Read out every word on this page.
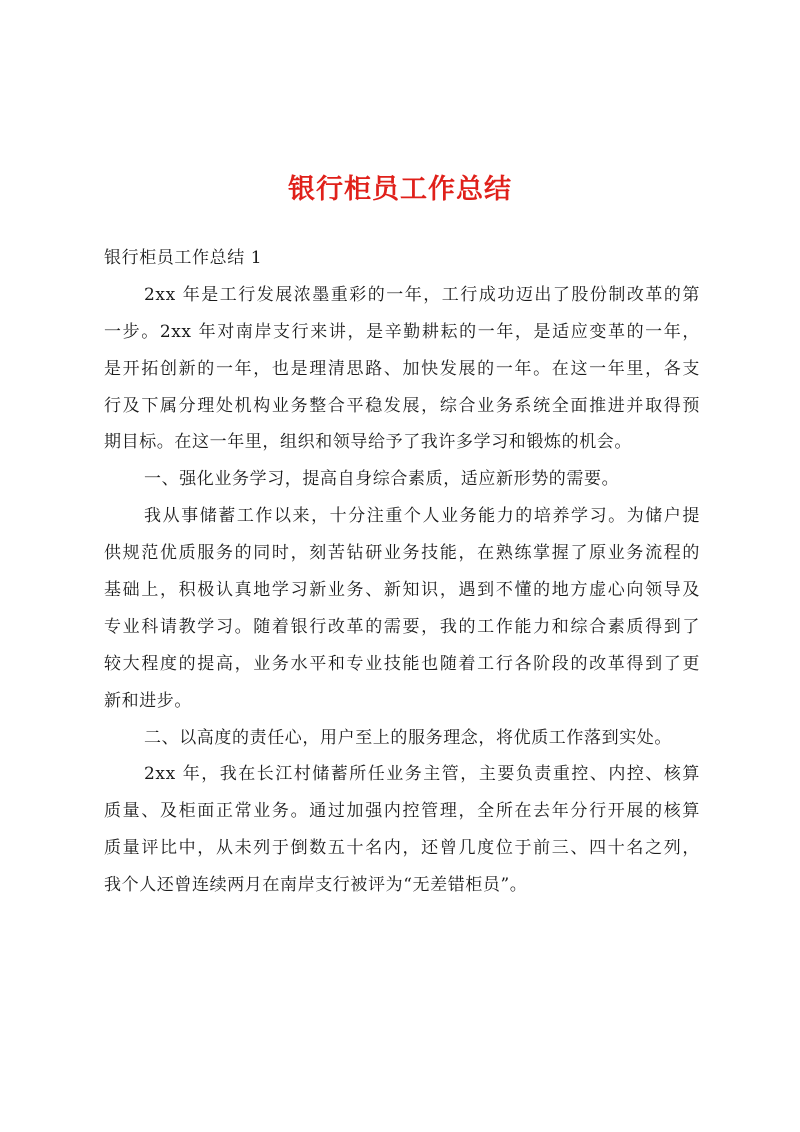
银行柜员工作总结
银行柜员工作总结 1
2xx 年是工行发展浓墨重彩的一年，工行成功迈出了股份制改革的第
一步。2xx 年对南岸支行来讲，是辛勤耕耘的一年，是适应变革的一年，
是开拓创新的一年，也是理清思路、加快发展的一年。在这一年里，各支
行及下属分理处机构业务整合平稳发展，综合业务系统全面推进并取得预
期目标。在这一年里，组织和领导给予了我许多学习和锻炼的机会。
一、强化业务学习，提高自身综合素质，适应新形势的需要。
我从事储蓄工作以来，十分注重个人业务能力的培养学习。为储户提
供规范优质服务的同时，刻苦钻研业务技能，在熟练掌握了原业务流程的
基础上，积极认真地学习新业务、新知识，遇到不懂的地方虚心向领导及
专业科请教学习。随着银行改革的需要，我的工作能力和综合素质得到了
较大程度的提高，业务水平和专业技能也随着工行各阶段的改革得到了更
新和进步。
二、以高度的责任心，用户至上的服务理念，将优质工作落到实处。
2xx 年，我在长江村储蓄所任业务主管，主要负责重控、内控、核算
质量、及柜面正常业务。通过加强内控管理，全所在去年分行开展的核算
质量评比中，从未列于倒数五十名内，还曾几度位于前三、四十名之列，
我个人还曾连续两月在南岸支行被评为“无差错柜员”。
